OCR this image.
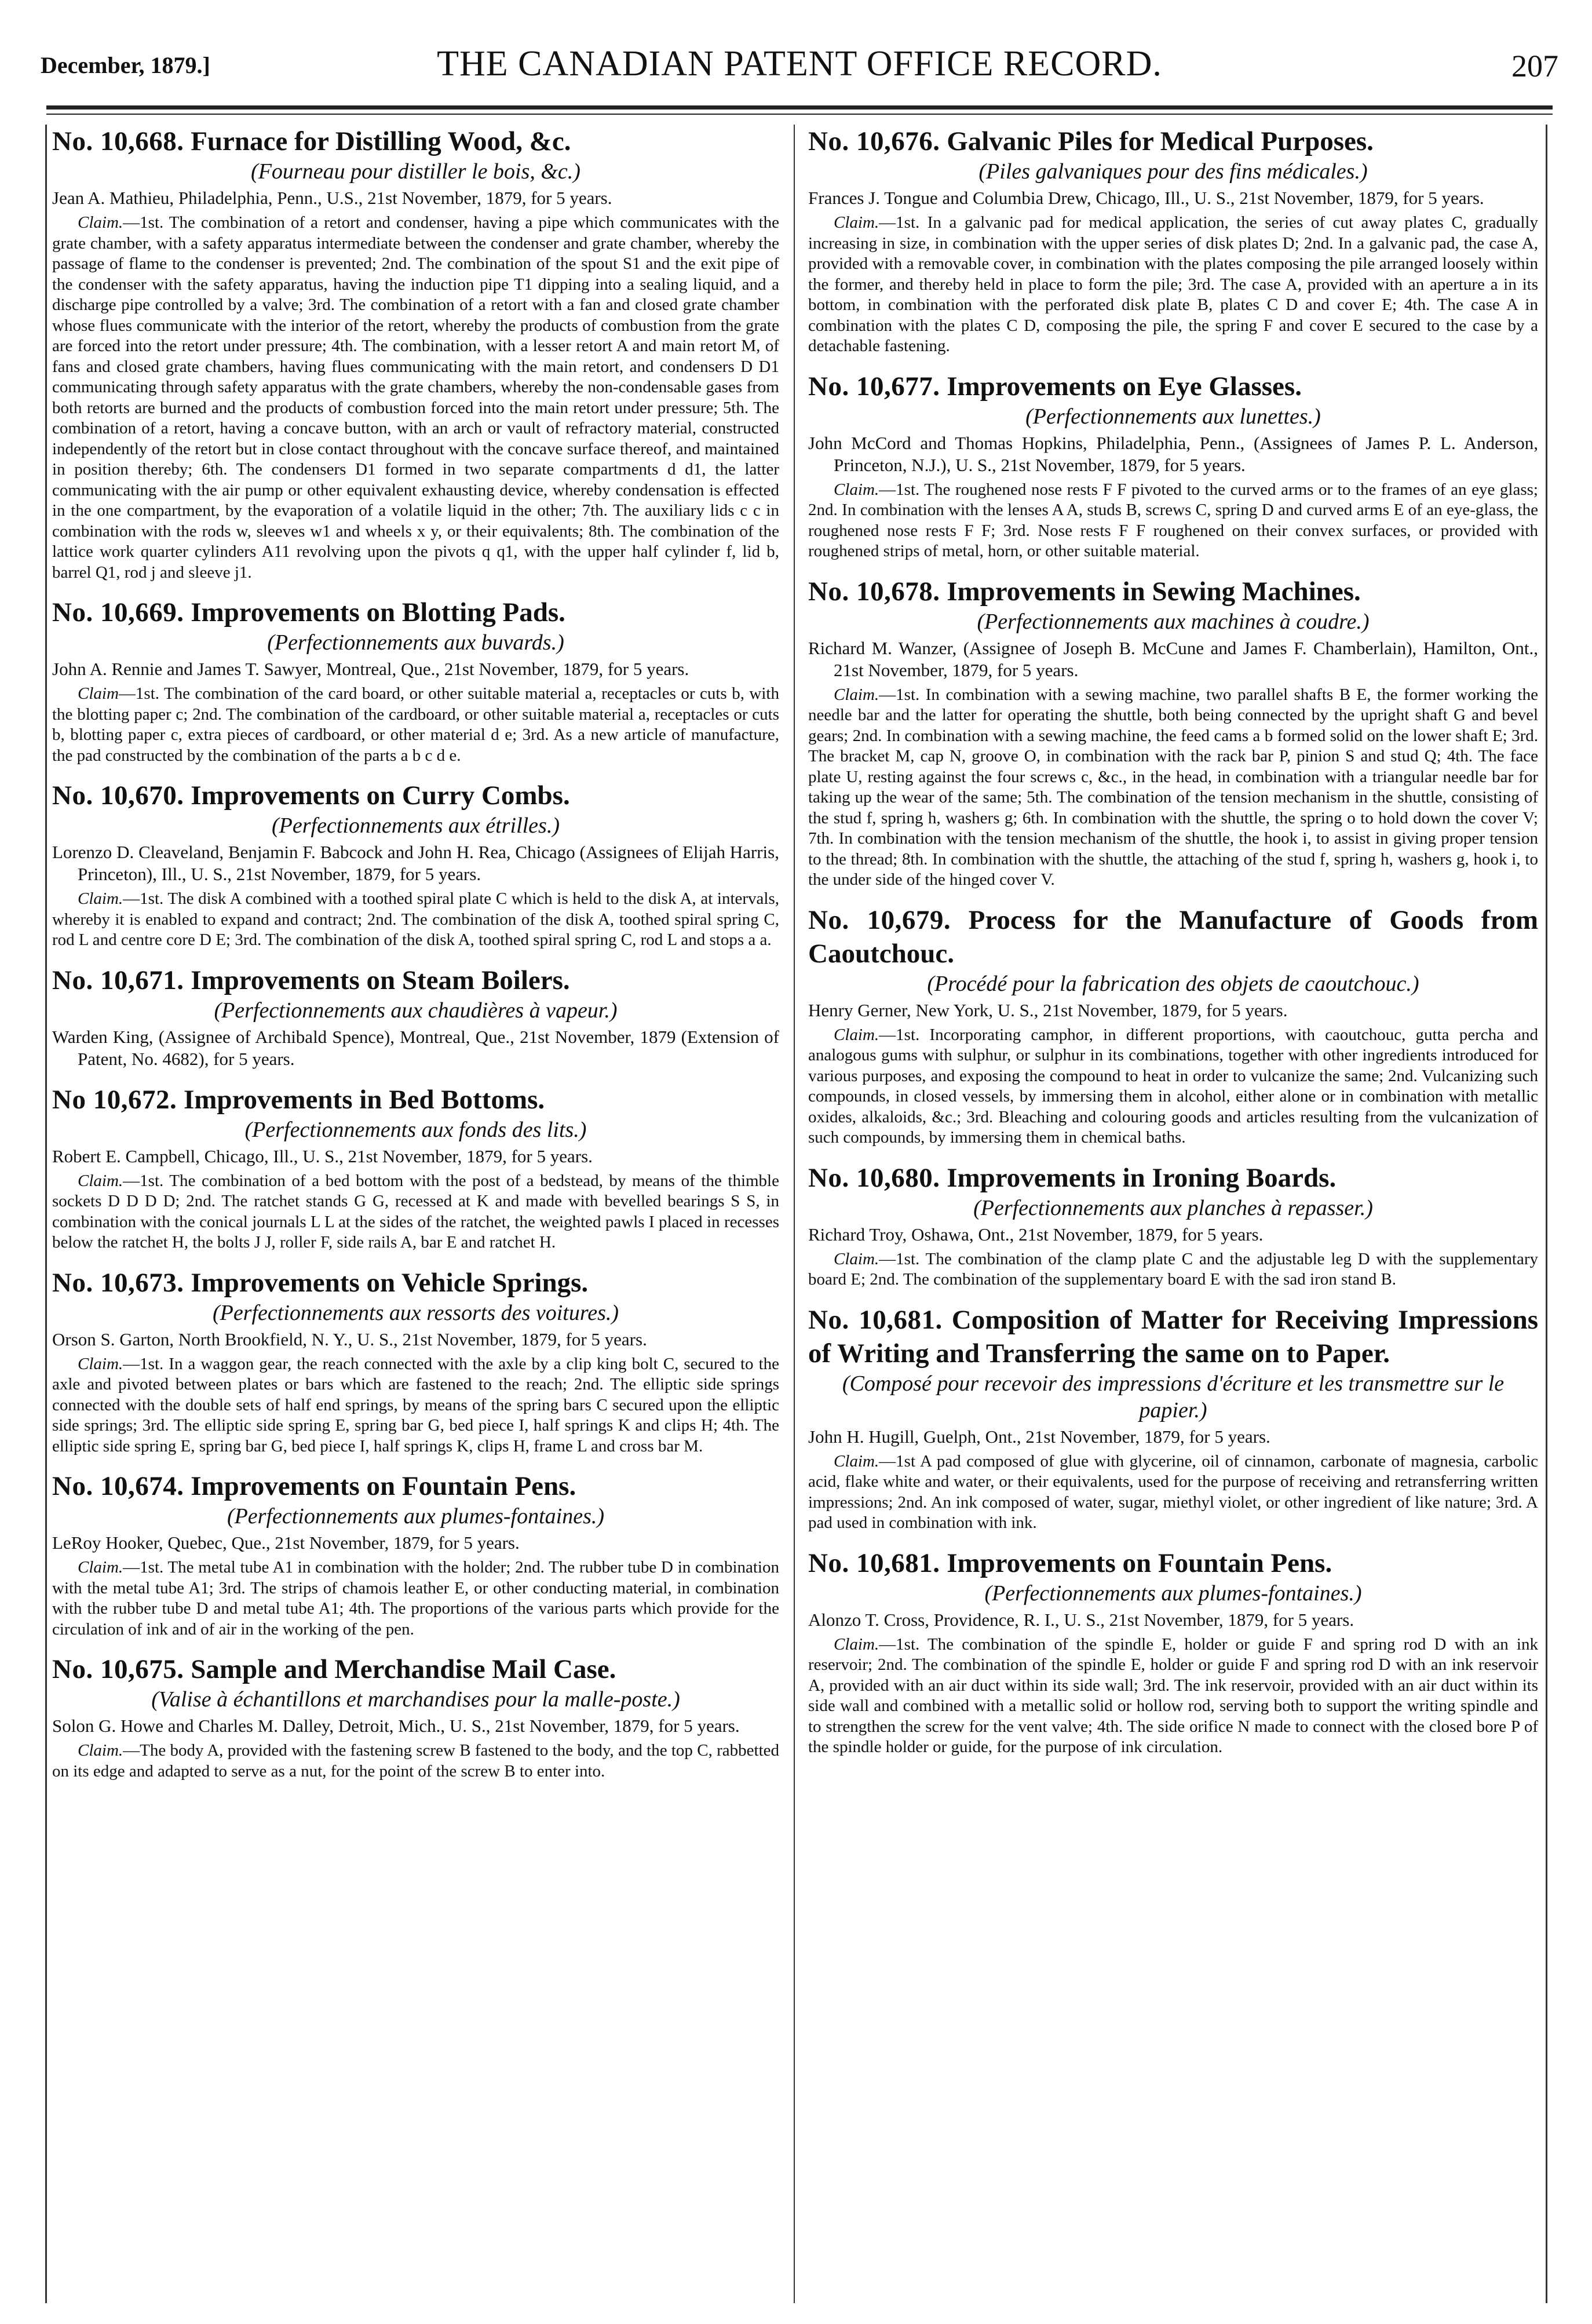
December, 1879.]	THE CANADIAN PATENT OFFICE RECORD.	207

No. 10,668. Furnace for Distilling Wood, &c.

(Fourneau pour distiller le bois, &c.)

Jean A. Mathieu, Philadelphia, Penn., U.S., 21st November, 1879, for 5 years.

Claim.—1st. The combination of a retort and condenser, having a pipe which communicates with the grate chamber, with a safety apparatus intermediate between the condenser and grate chamber, whereby the passage of flame to the condenser is prevented; 2nd. The combination of the spout S1 and the exit pipe of the condenser with the safety apparatus, having the induction pipe T1 dipping into a sealing liquid, and a discharge pipe controlled by a valve; 3rd. The combination of a retort with a fan and closed grate chamber whose flues communicate with the interior of the retort, whereby the products of combustion from the grate are forced into the retort under pressure; 4th. The combination, with a lesser retort A and main retort M, of fans and closed grate chambers, having flues communicating with the main retort, and condensers D D1 communicating through safety apparatus with the grate chambers, whereby the non-condensable gases from both retorts are burned and the products of combustion forced into the main retort under pressure; 5th. The combination of a retort, having a concave button, with an arch or vault of refractory material, constructed independently of the retort but in close contact throughout with the concave surface thereof, and maintained in position thereby; 6th. The condensers D1 formed in two separate compartments d d1, the latter communicating with the air pump or other equivalent exhausting device, whereby condensation is effected in the one compartment, by the evaporation of a volatile liquid in the other; 7th. The auxiliary lids c c in combination with the rods w, sleeves w1 and wheels x y, or their equivalents; 8th. The combination of the lattice work quarter cylinders A11 revolving upon the pivots q q1, with the upper half cylinder f, lid b, barrel Q1, rod j and sleeve j1.

No. 10,669. Improvements on Blotting Pads.

(Perfectionnements aux buvards.)

John A. Rennie and James T. Sawyer, Montreal, Que., 21st November, 1879, for 5 years.

Claim—1st. The combination of the card board, or other suitable material a, receptacles or cuts b, with the blotting paper c; 2nd. The combination of the cardboard, or other suitable material a, receptacles or cuts b, blotting paper c, extra pieces of cardboard, or other material d e; 3rd. As a new article of manufacture, the pad constructed by the combination of the parts a b c d e.

No. 10,670. Improvements on Curry Combs.

(Perfectionnements aux étrilles.)

Lorenzo D. Cleaveland, Benjamin F. Babcock and John H. Rea, Chicago (Assignees of Elijah Harris, Princeton), Ill., U. S., 21st November, 1879, for 5 years.

Claim.—1st. The disk A combined with a toothed spiral plate C which is held to the disk A, at intervals, whereby it is enabled to expand and contract; 2nd. The combination of the disk A, toothed spiral spring C, rod L and centre core D E; 3rd. The combination of the disk A, toothed spiral spring C, rod L and stops a a.

No. 10,671. Improvements on Steam Boilers.

(Perfectionnements aux chaudières à vapeur.)

Warden King, (Assignee of Archibald Spence), Montreal, Que., 21st November, 1879 (Extension of Patent, No. 4682), for 5 years.

No 10,672. Improvements in Bed Bottoms.

(Perfectionnements aux fonds des lits.)

Robert E. Campbell, Chicago, Ill., U. S., 21st November, 1879, for 5 years.

Claim.—1st. The combination of a bed bottom with the post of a bedstead, by means of the thimble sockets D D D D; 2nd. The ratchet stands G G, recessed at K and made with bevelled bearings S S, in combination with the conical journals L L at the sides of the ratchet, the weighted pawls I placed in recesses below the ratchet H, the bolts J J, roller F, side rails A, bar E and ratchet H.

No. 10,673. Improvements on Vehicle Springs.

(Perfectionnements aux ressorts des voitures.)

Orson S. Garton, North Brookfield, N. Y., U. S., 21st November, 1879, for 5 years.

Claim.—1st. In a waggon gear, the reach connected with the axle by a clip king bolt C, secured to the axle and pivoted between plates or bars which are fastened to the reach; 2nd. The elliptic side springs connected with the double sets of half end springs, by means of the spring bars C secured upon the elliptic side springs; 3rd. The elliptic side spring E, spring bar G, bed piece I, half springs K and clips H; 4th. The elliptic side spring E, spring bar G, bed piece I, half springs K, clips H, frame L and cross bar M.

No. 10,674. Improvements on Fountain Pens.

(Perfectionnements aux plumes-fontaines.)

LeRoy Hooker, Quebec, Que., 21st November, 1879, for 5 years.

Claim.—1st. The metal tube A1 in combination with the holder; 2nd. The rubber tube D in combination with the metal tube A1; 3rd. The strips of chamois leather E, or other conducting material, in combination with the rubber tube D and metal tube A1; 4th. The proportions of the various parts which provide for the circulation of ink and of air in the working of the pen.

No. 10,675. Sample and Merchandise Mail Case.

(Valise à échantillons et marchandises pour la malle-poste.)

Solon G. Howe and Charles M. Dalley, Detroit, Mich., U. S., 21st November, 1879, for 5 years.

Claim.—The body A, provided with the fastening screw B fastened to the body, and the top C, rabbetted on its edge and adapted to serve as a nut, for the point of the screw B to enter into.

No. 10,676. Galvanic Piles for Medical Purposes.

(Piles galvaniques pour des fins médicales.)

Frances J. Tongue and Columbia Drew, Chicago, Ill., U. S., 21st November, 1879, for 5 years.

Claim.—1st. In a galvanic pad for medical application, the series of cut away plates C, gradually increasing in size, in combination with the upper series of disk plates D; 2nd. In a galvanic pad, the case A, provided with a removable cover, in combination with the plates composing the pile arranged loosely within the former, and thereby held in place to form the pile; 3rd. The case A, provided with an aperture a in its bottom, in combination with the perforated disk plate B, plates C D and cover E; 4th. The case A in combination with the plates C D, composing the pile, the spring F and cover E secured to the case by a detachable fastening.

No. 10,677. Improvements on Eye Glasses.

(Perfectionnements aux lunettes.)

John McCord and Thomas Hopkins, Philadelphia, Penn., (Assignees of James P. L. Anderson, Princeton, N.J.), U. S., 21st November, 1879, for 5 years.

Claim.—1st. The roughened nose rests F F pivoted to the curved arms or to the frames of an eye glass; 2nd. In combination with the lenses A A, studs B, screws C, spring D and curved arms E of an eye-glass, the roughened nose rests F F; 3rd. Nose rests F F roughened on their convex surfaces, or provided with roughened strips of metal, horn, or other suitable material.

No. 10,678. Improvements in Sewing Machines.

(Perfectionnements aux machines à coudre.)

Richard M. Wanzer, (Assignee of Joseph B. McCune and James F. Chamberlain), Hamilton, Ont., 21st November, 1879, for 5 years.

Claim.—1st. In combination with a sewing machine, two parallel shafts B E, the former working the needle bar and the latter for operating the shuttle, both being connected by the upright shaft G and bevel gears; 2nd. In combination with a sewing machine, the feed cams a b formed solid on the lower shaft E; 3rd. The bracket M, cap N, groove O, in combination with the rack bar P, pinion S and stud Q; 4th. The face plate U, resting against the four screws c, &c., in the head, in combination with a triangular needle bar for taking up the wear of the same; 5th. The combination of the tension mechanism in the shuttle, consisting of the stud f, spring h, washers g; 6th. In combination with the shuttle, the spring o to hold down the cover V; 7th. In combination with the tension mechanism of the shuttle, the hook i, to assist in giving proper tension to the thread; 8th. In combination with the shuttle, the attaching of the stud f, spring h, washers g, hook i, to the under side of the hinged cover V.

No. 10,679. Process for the Manufacture of Goods from Caoutchouc.

(Procédé pour la fabrication des objets de caoutchouc.)

Henry Gerner, New York, U. S., 21st November, 1879, for 5 years.

Claim.—1st. Incorporating camphor, in different proportions, with caoutchouc, gutta percha and analogous gums with sulphur, or sulphur in its combinations, together with other ingredients introduced for various purposes, and exposing the compound to heat in order to vulcanize the same; 2nd. Vulcanizing such compounds, in closed vessels, by immersing them in alcohol, either alone or in combination with metallic oxides, alkaloids, &c.; 3rd. Bleaching and colouring goods and articles resulting from the vulcanization of such compounds, by immersing them in chemical baths.

No. 10,680. Improvements in Ironing Boards.

(Perfectionnements aux planches à repasser.)

Richard Troy, Oshawa, Ont., 21st November, 1879, for 5 years.

Claim.—1st. The combination of the clamp plate C and the adjustable leg D with the supplementary board E; 2nd. The combination of the supplementary board E with the sad iron stand B.

No. 10,681. Composition of Matter for Receiving Impressions of Writing and Transferring the same on to Paper.

(Composé pour recevoir des impressions d'écriture et les transmettre sur le papier.)

John H. Hugill, Guelph, Ont., 21st November, 1879, for 5 years.

Claim.—1st A pad composed of glue with glycerine, oil of cinnamon, carbonate of magnesia, carbolic acid, flake white and water, or their equivalents, used for the purpose of receiving and retransferring written impressions; 2nd. An ink composed of water, sugar, miethyl violet, or other ingredient of like nature; 3rd. A pad used in combination with ink.

No. 10,681. Improvements on Fountain Pens.

(Perfectionnements aux plumes-fontaines.)

Alonzo T. Cross, Providence, R. I., U. S., 21st November, 1879, for 5 years.

Claim.—1st. The combination of the spindle E, holder or guide F and spring rod D with an ink reservoir; 2nd. The combination of the spindle E, holder or guide F and spring rod D with an ink reservoir A, provided with an air duct within its side wall; 3rd. The ink reservoir, provided with an air duct within its side wall and combined with a metallic solid or hollow rod, serving both to support the writing spindle and to strengthen the screw for the vent valve; 4th. The side orifice N made to connect with the closed bore P of the spindle holder or guide, for the purpose of ink circulation.
